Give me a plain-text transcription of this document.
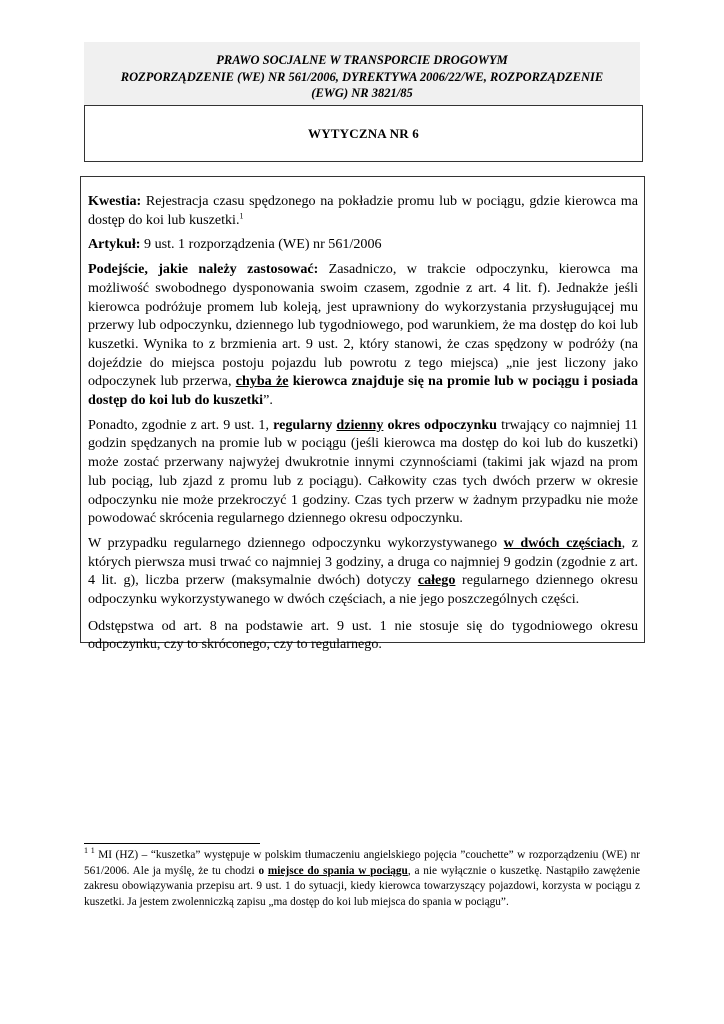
PRAWO SOCJALNE W TRANSPORCIE DROGOWYM

ROZPORZĄDZENIE (WE) NR 561/2006, DYREKTYWA 2006/22/WE, ROZPORZĄDZENIE

(EWG) NR 3821/85

WYTYCZNA NR 6

Kwestia: Rejestracja czasu spędzonego na pokładzie promu lub w pociągu, gdzie kierowca ma dostęp do koi lub kuszetki.$^1$

Artykuł: 9 ust. 1 rozporządzenia (WE) nr 561/2006

Podejście, jakie należy zastosować: Zasadniczo, w trakcie odpoczynku, kierowca ma możliwość swobodnego dysponowania swoim czasem, zgodnie z art. 4 lit. f). Jednakże jeśli kierowca podróżuje promem lub koleją, jest uprawniony do wykorzystania przysługującej mu przerwy lub odpoczynku, dziennego lub tygodniowego, pod warunkiem, że ma dostęp do koi lub kuszetki. Wynika to z brzmienia art. 9 ust. 2, który stanowi, że czas spędzony w podróży (na dojeździe do miejsca postoju pojazdu lub powrotu z tego miejsca) „nie jest liczony jako odpoczynek lub przerwa, chyba że kierowca znajduje się na promie lub w pociągu i posiada dostęp do koi lub do kuszetki”.

Ponadto, zgodnie z art. 9 ust. 1, regularny dzienny okres odpoczynku trwający co najmniej 11 godzin spędzanych na promie lub w pociągu (jeśli kierowca ma dostęp do koi lub do kuszetki) może zostać przerwany najwyżej dwukrotnie innymi czynnościami (takimi jak wjazd na prom lub pociąg, lub zjazd z promu lub z pociągu). Całkowity czas tych dwóch przerw w okresie odpoczynku nie może przekroczyć 1 godziny. Czas tych przerw w żadnym przypadku nie może powodować skrócenia regularnego dziennego okresu odpoczynku.

W przypadku regularnego dziennego odpoczynku wykorzystywanego w dwóch częściach, z których pierwsza musi trwać co najmniej 3 godziny, a druga co najmniej 9 godzin (zgodnie z art. 4 lit. g), liczba przerw (maksymalnie dwóch) dotyczy całego regularnego dziennego okresu odpoczynku wykorzystywanego w dwóch częściach, a nie jego poszczególnych części.

Odstępstwa od art. 8 na podstawie art. 9 ust. 1 nie stosuje się do tygodniowego okresu odpoczynku, czy to skróconego, czy to regularnego.

$^{1 1}$ MI (HZ) – “kuszetka” występuje w polskim tłumaczeniu angielskiego pojęcia ”couchette” w rozporządzeniu (WE) nr 561/2006. Ale ja myślę, że tu chodzi o miejsce do spania w pociągu, a nie wyłącznie o kuszetkę. Nastąpiło zawężenie zakresu obowiązywania przepisu art. 9 ust. 1 do sytuacji, kiedy kierowca towarzyszący pojazdowi, korzysta w pociągu z kuszetki. Ja jestem zwolenniczką zapisu „ma dostęp do koi lub miejsca do spania w pociągu”.
